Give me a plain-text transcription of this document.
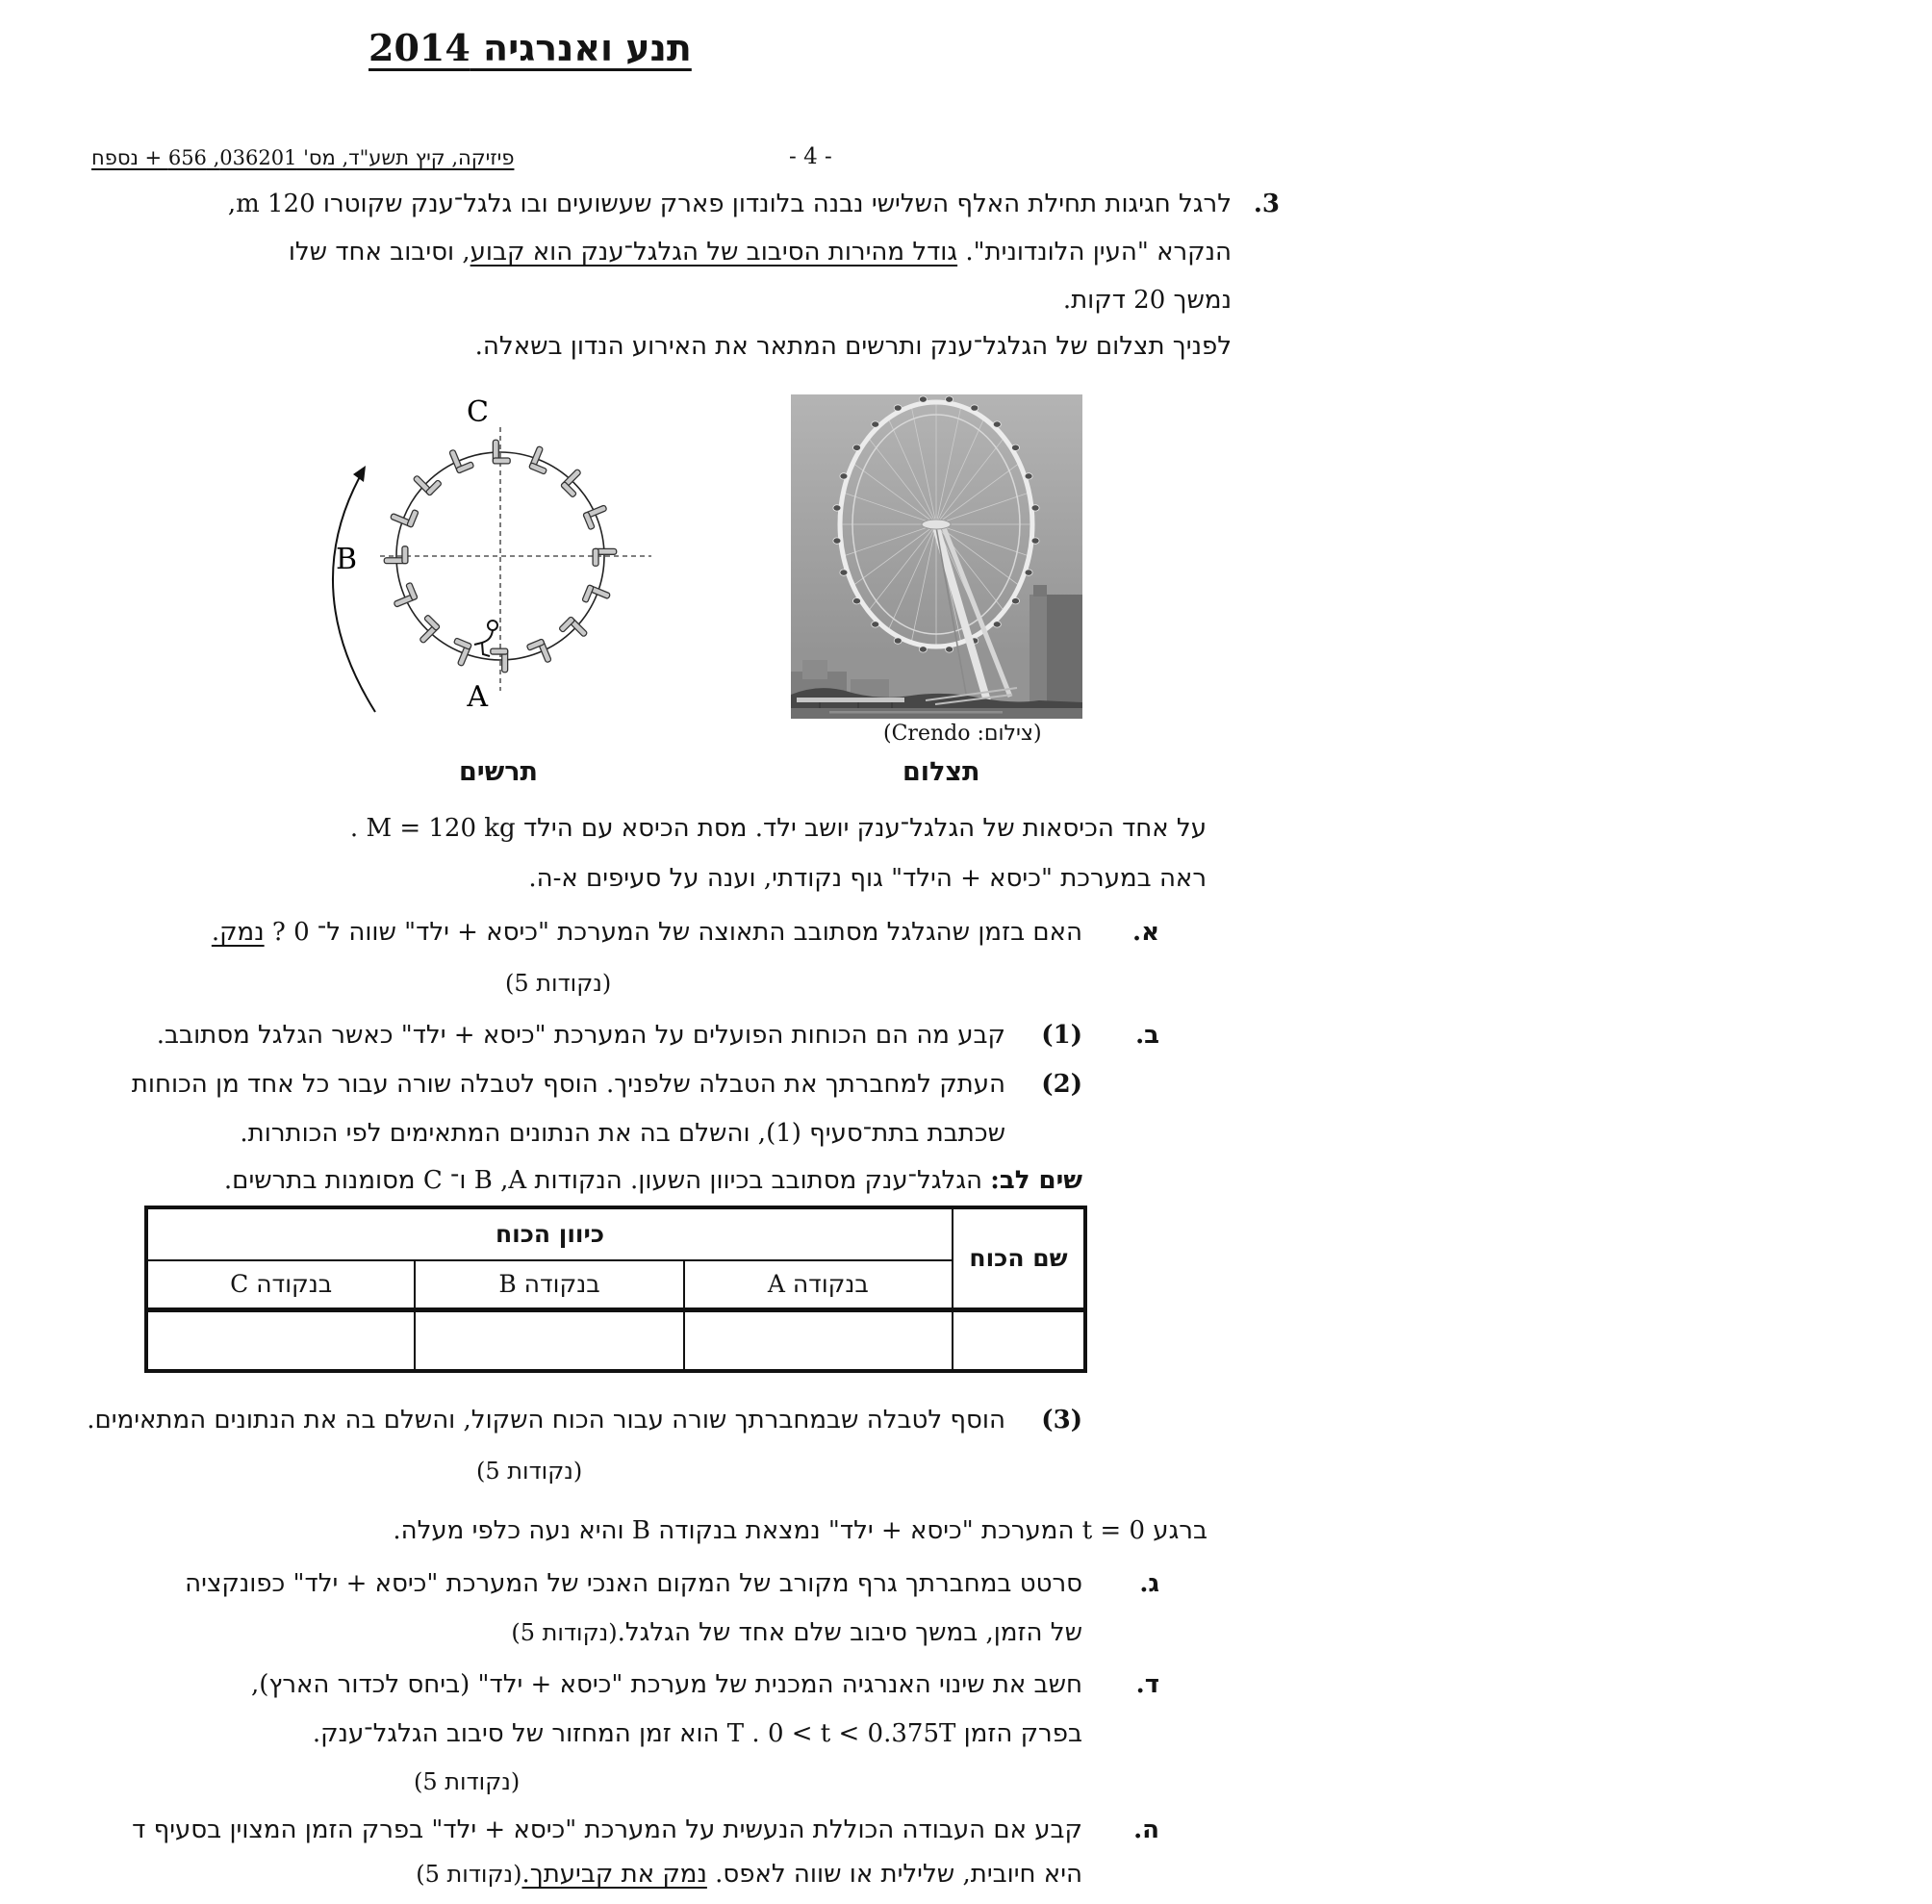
תנע ואנרגיה 2014
פיזיקה, קיץ תשע"ד, מס' 036201, 656 + נספח	- 4 -
3.
לרגל חגיגות תחילת האלף השלישי נבנה בלונדון פארק שעשועים ובו גלגל־ענק שקוטרו 120 m,
הנקרא "העין הלונדונית". גודל מהירות הסיבוב של הגלגל־ענק הוא קבוע, וסיבוב אחד שלו
נמשך 20 דקות.
לפניך תצלום של הגלגל־ענק ותרשים המתאר את האירוע הנדון בשאלה.
C
B
A
(צילום: Crendo)
תצלום
תרשים
על אחד הכיסאות של הגלגל־ענק יושב ילד. מסת הכיסא עם הילד M = 120 kg .
ראה במערכת "כיסא + הילד" גוף נקודתי, וענה על סעיפים א-ה.
א.
האם בזמן שהגלגל מסתובב התאוצה של המערכת "כיסא + ילד" שווה ל־ 0 ? נמק.
(5 נקודות)
ב.
(1)
קבע מה הם הכוחות הפועלים על המערכת "כיסא + ילד" כאשר הגלגל מסתובב.
(2)
העתק למחברתך את הטבלה שלפניך. הוסף לטבלה שורה עבור כל אחד מן הכוחות
שכתבת בתת־סעיף (1), והשלם בה את הנתונים המתאימים לפי הכותרות.
שים לב: הגלגל־ענק מסתובב בכיוון השעון. הנקודות A‏, B ו־ C מסומנות בתרשים.
שם הכוח	כיוון הכוח		
	בנקודה A	בנקודה B	בנקודה C

(3)
הוסף לטבלה שבמחברתך שורה עבור הכוח השקול, והשלם בה את הנתונים המתאימים.
(5 נקודות)
ברגע t = 0 המערכת "כיסא + ילד" נמצאת בנקודה B והיא נעה כלפי מעלה.
ג.
סרטט במחברתך גרף מקורב של המקום האנכי של המערכת "כיסא + ילד" כפונקציה
של הזמן, במשך סיבוב שלם אחד של הגלגל.(5 נקודות)
ד.
חשב את שינוי האנרגיה המכנית של מערכת "כיסא + ילד" (ביחס לכדור הארץ),
בפרק הזמן 0 < t < 0.375T‏ . T הוא זמן המחזור של סיבוב הגלגל־ענק.
(5 נקודות)
ה.
קבע אם העבודה הכוללת הנעשית על המערכת "כיסא + ילד" בפרק הזמן המצוין בסעיף ד
היא חיובית, שלילית או שווה לאפס. נמק את קביעתך.(5 נקודות)
